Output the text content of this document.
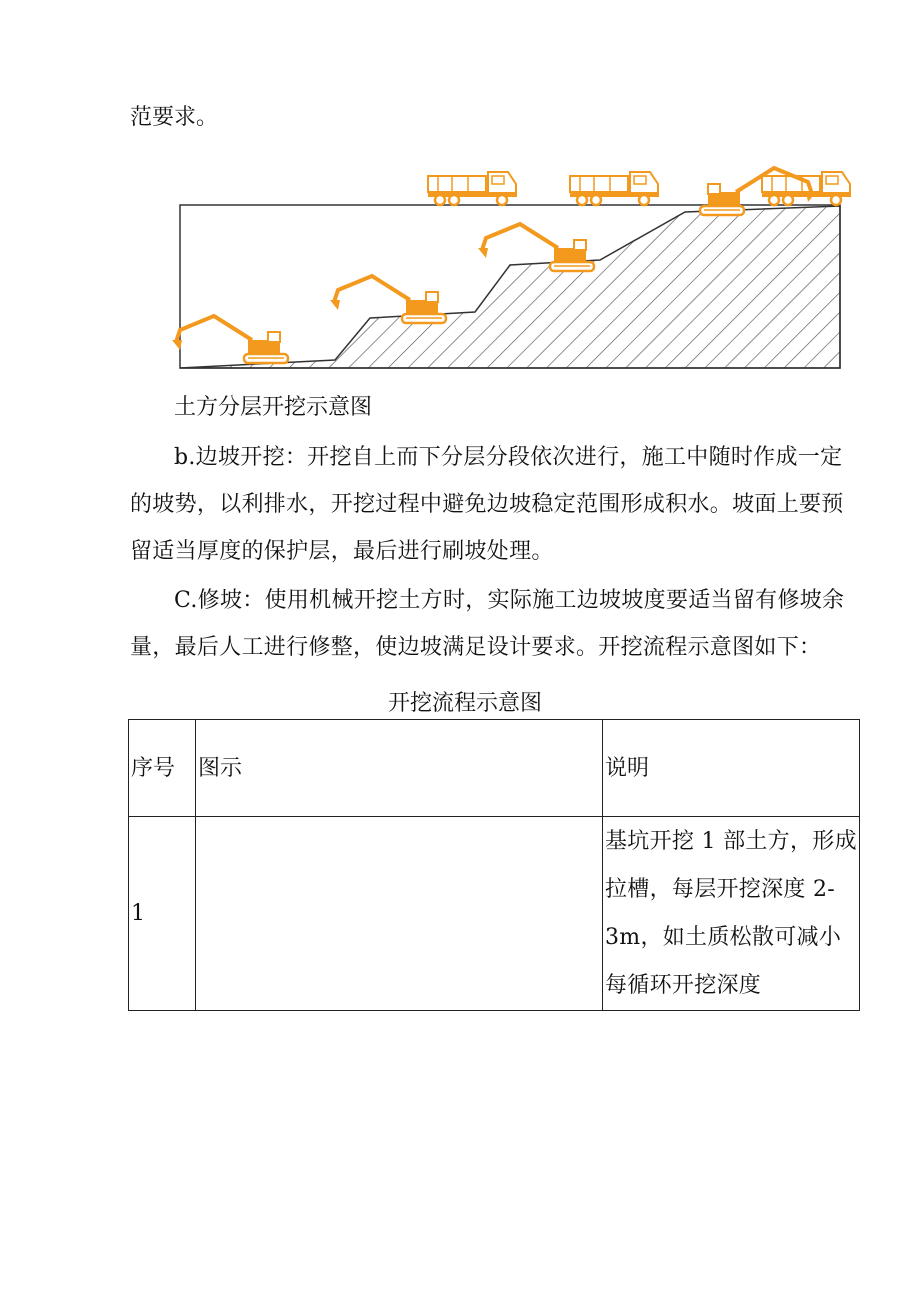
范要求。
土方分层开挖示意图
b.边坡开挖：开挖自上而下分层分段依次进行，施工中随时作成一定的坡势，以利排水，开挖过程中避免边坡稳定范围形成积水。坡面上要预留适当厚度的保护层，最后进行刷坡处理。
C.修坡：使用机械开挖土方时，实际施工边坡坡度要适当留有修坡余量，最后人工进行修整，使边坡满足设计要求。开挖流程示意图如下：
开挖流程示意图
序号	图示	说明
1		基坑开挖 1 部土方，形成拉槽，每层开挖深度 2-3m，如土质松散可减小每循环开挖深度
